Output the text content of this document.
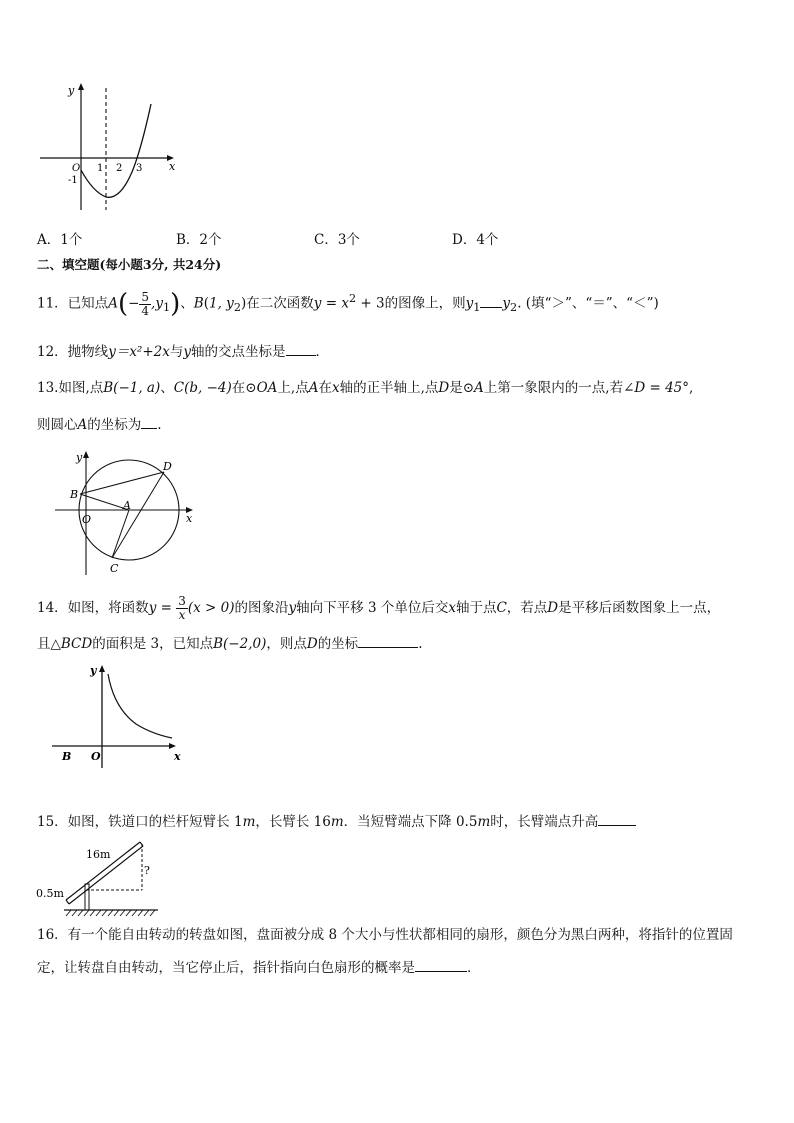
y
x
O 1 2 3
-1
A．1个	B．2个	C．3个	D．4个
二、填空题(每小题3分, 共24分)
11．已知点$A(- \frac{5}{4} ,y_1)$、B(1, $y_2$)在二次函数$y = x^2 + 3$的图像上，则$y_1$ $y_2$. (填“＞”、“＝”、“＜”)
12．抛物线y＝x²+2x与y轴的交点坐标是 ．
13.如图,点B(−1, a)、C(b, −4)在⊙OA上,点A在x轴的正半轴上,点D是⊙A上第一象限内的一点,若∠D = 45°,
则圆心A的坐标为 .
y
x
B
O
A
C
D
14．如图，将函数$y = \frac{3}{x} (x > 0)$的图象沿y轴向下平移 3 个单位后交x轴于点C，若点D是平移后函数图象上一点，
且△BCD的面积是 3，已知点B(−2,0)，则点D的坐标	.
y
x
B O
15．如图，铁道口的栏杆短臂长 1m，长臂长 16m．当短臂端点下降 0.5m时，长臂端点升高
16m
0.5m
?
16．有一个能自由转动的转盘如图，盘面被分成 8 个大小与性状都相同的扇形，颜色分为黑白两种，将指针的位置固
定，让转盘自由转动，当它停止后，指针指向白色扇形的概率是	．
